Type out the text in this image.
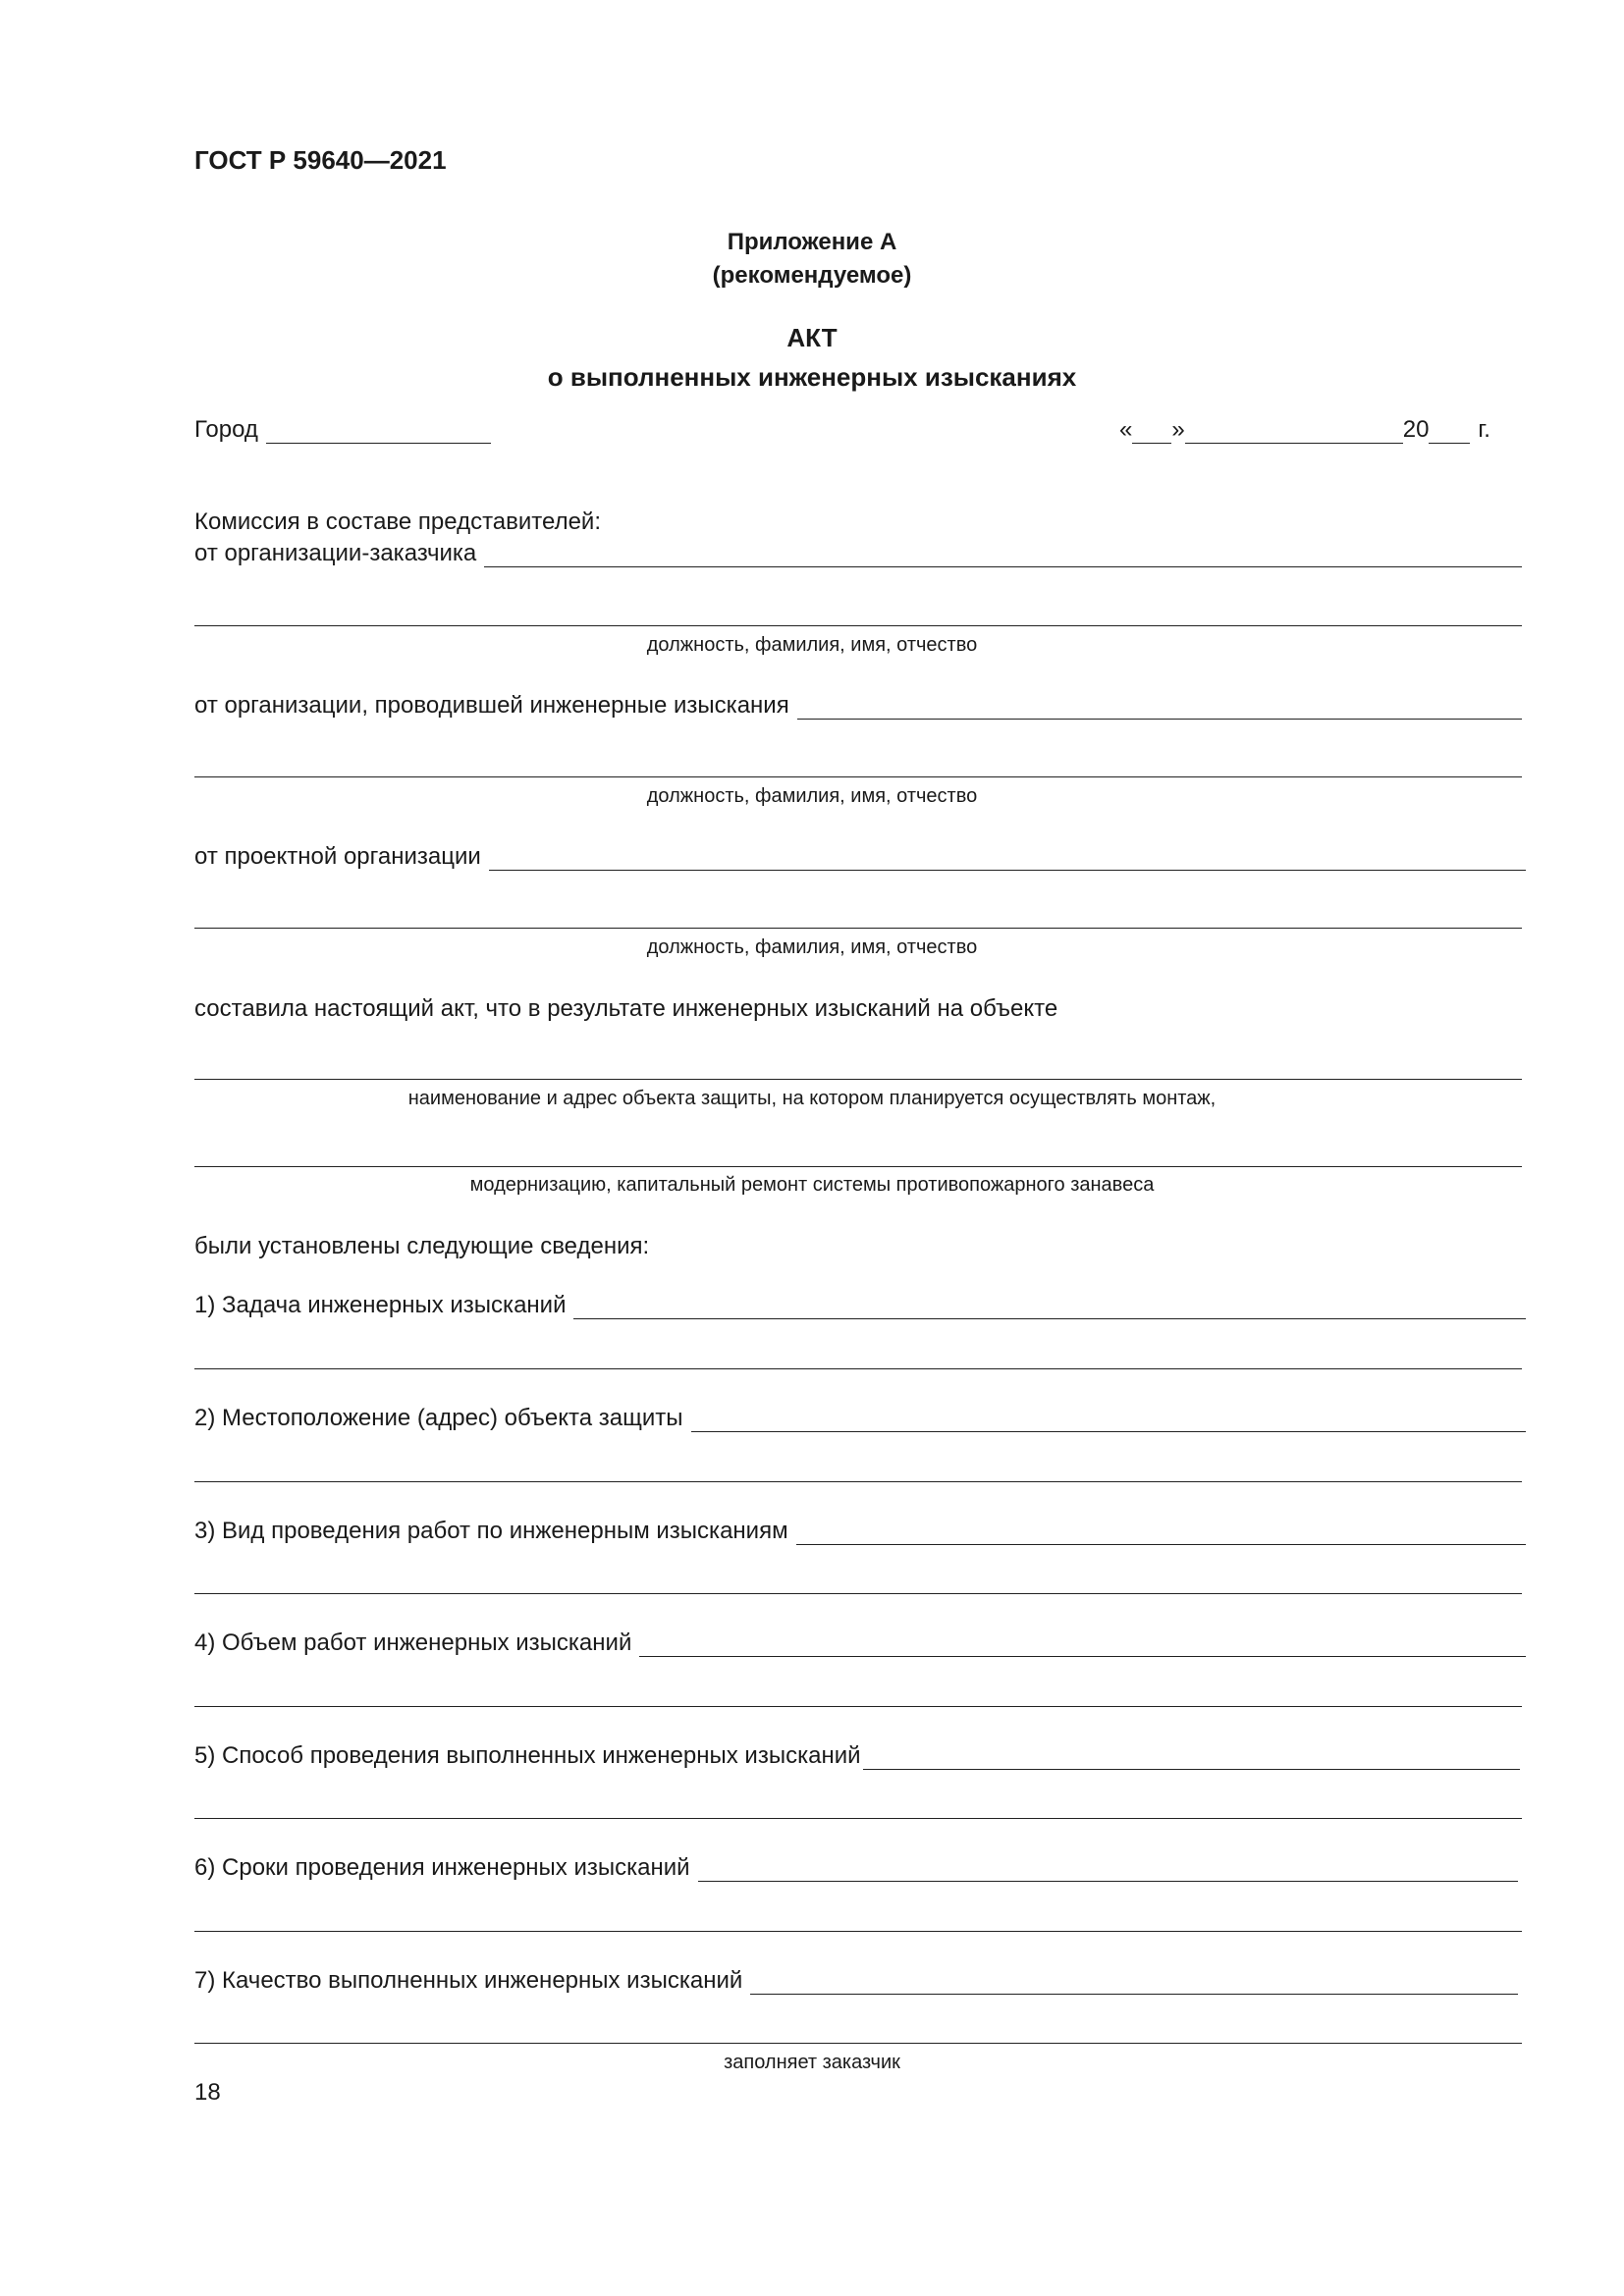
ГОСТ Р 59640—2021
Приложение А
(рекомендуемое)
АКТ
о выполненных инженерных изысканиях
Город	« »	20 г.
Комиссия в составе представителей:
от организации-заказчика
должность, фамилия, имя, отчество
от организации, проводившей инженерные изыскания
должность, фамилия, имя, отчество
от проектной организации
должность, фамилия, имя, отчество
составила настоящий акт, что в результате инженерных изысканий на объекте
наименование и адрес объекта защиты, на котором планируется осуществлять монтаж,
модернизацию, капитальный ремонт системы противопожарного занавеса
были установлены следующие сведения:
1) Задача инженерных изысканий
2) Местоположение (адрес) объекта защиты
3) Вид проведения работ по инженерным изысканиям
4) Объем работ инженерных изысканий
5) Способ проведения выполненных инженерных изысканий
6) Сроки проведения инженерных изысканий
7) Качество выполненных инженерных изысканий
заполняет заказчик
18
